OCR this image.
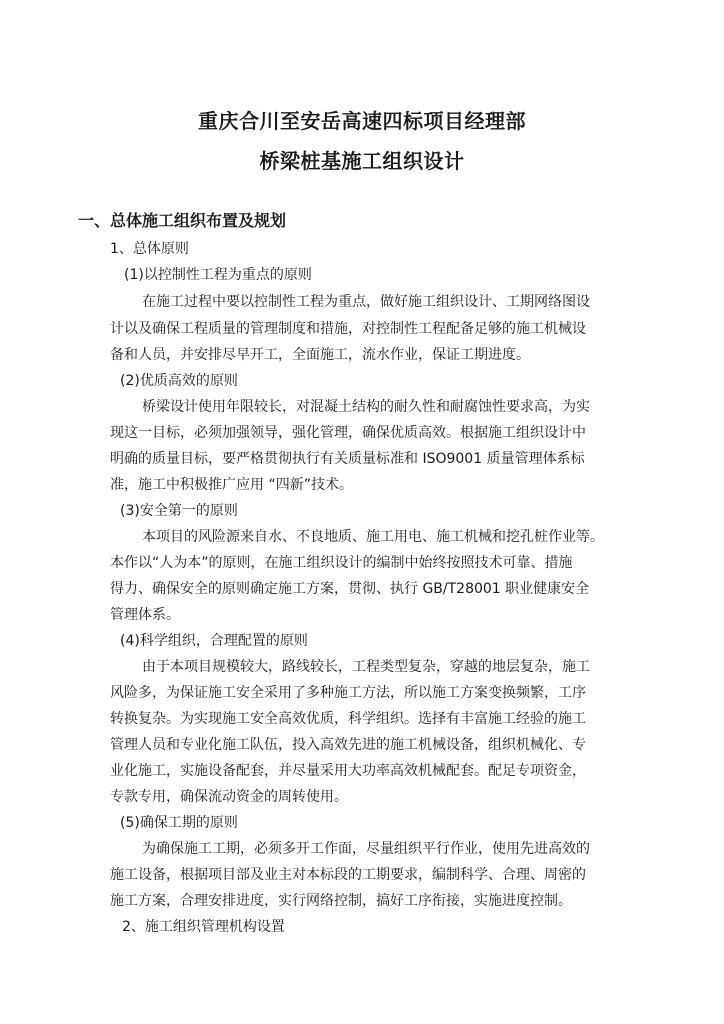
重庆合川至安岳高速四标项目经理部
桥梁桩基施工组织设计
一、总体施工组织布置及规划

1、总体原则

(1)以控制性工程为重点的原则

在施工过程中要以控制性工程为重点，做好施工组织设计、工期网络图设

计以及确保工程质量的管理制度和措施，对控制性工程配备足够的施工机械设

备和人员，并安排尽早开工，全面施工，流水作业，保证工期进度。

(2)优质高效的原则

桥梁设计使用年限较长，对混凝土结构的耐久性和耐腐蚀性要求高，为实

现这一目标，必须加强领导，强化管理，确保优质高效。根据施工组织设计中

明确的质量目标，要严格贯彻执行有关质量标准和 ISO9001 质量管理体系标

准，施工中积极推广应用 “四新”技术。

(3)安全第一的原则

本项目的风险源来自水、不良地质、施工用电、施工机械和挖孔桩作业等。

本作以“人为本”的原则，在施工组织设计的编制中始终按照技术可靠、措施

得力、确保安全的原则确定施工方案，贯彻、执行 GB/T28001 职业健康安全

管理体系。

(4)科学组织，合理配置的原则

由于本项目规模较大，路线较长，工程类型复杂，穿越的地层复杂，施工

风险多，为保证施工安全采用了多种施工方法，所以施工方案变换频繁，工序

转换复杂。为实现施工安全高效优质，科学组织。选择有丰富施工经验的施工

管理人员和专业化施工队伍，投入高效先进的施工机械设备，组织机械化、专

业化施工，实施设备配套，并尽量采用大功率高效机械配套。配足专项资金，

专款专用，确保流动资金的周转使用。

(5)确保工期的原则

为确保施工工期，必须多开工作面，尽量组织平行作业，使用先进高效的

施工设备，根据项目部及业主对本标段的工期要求，编制科学、合理、周密的

施工方案，合理安排进度，实行网络控制，搞好工序衔接，实施进度控制。

2、施工组织管理机构设置
